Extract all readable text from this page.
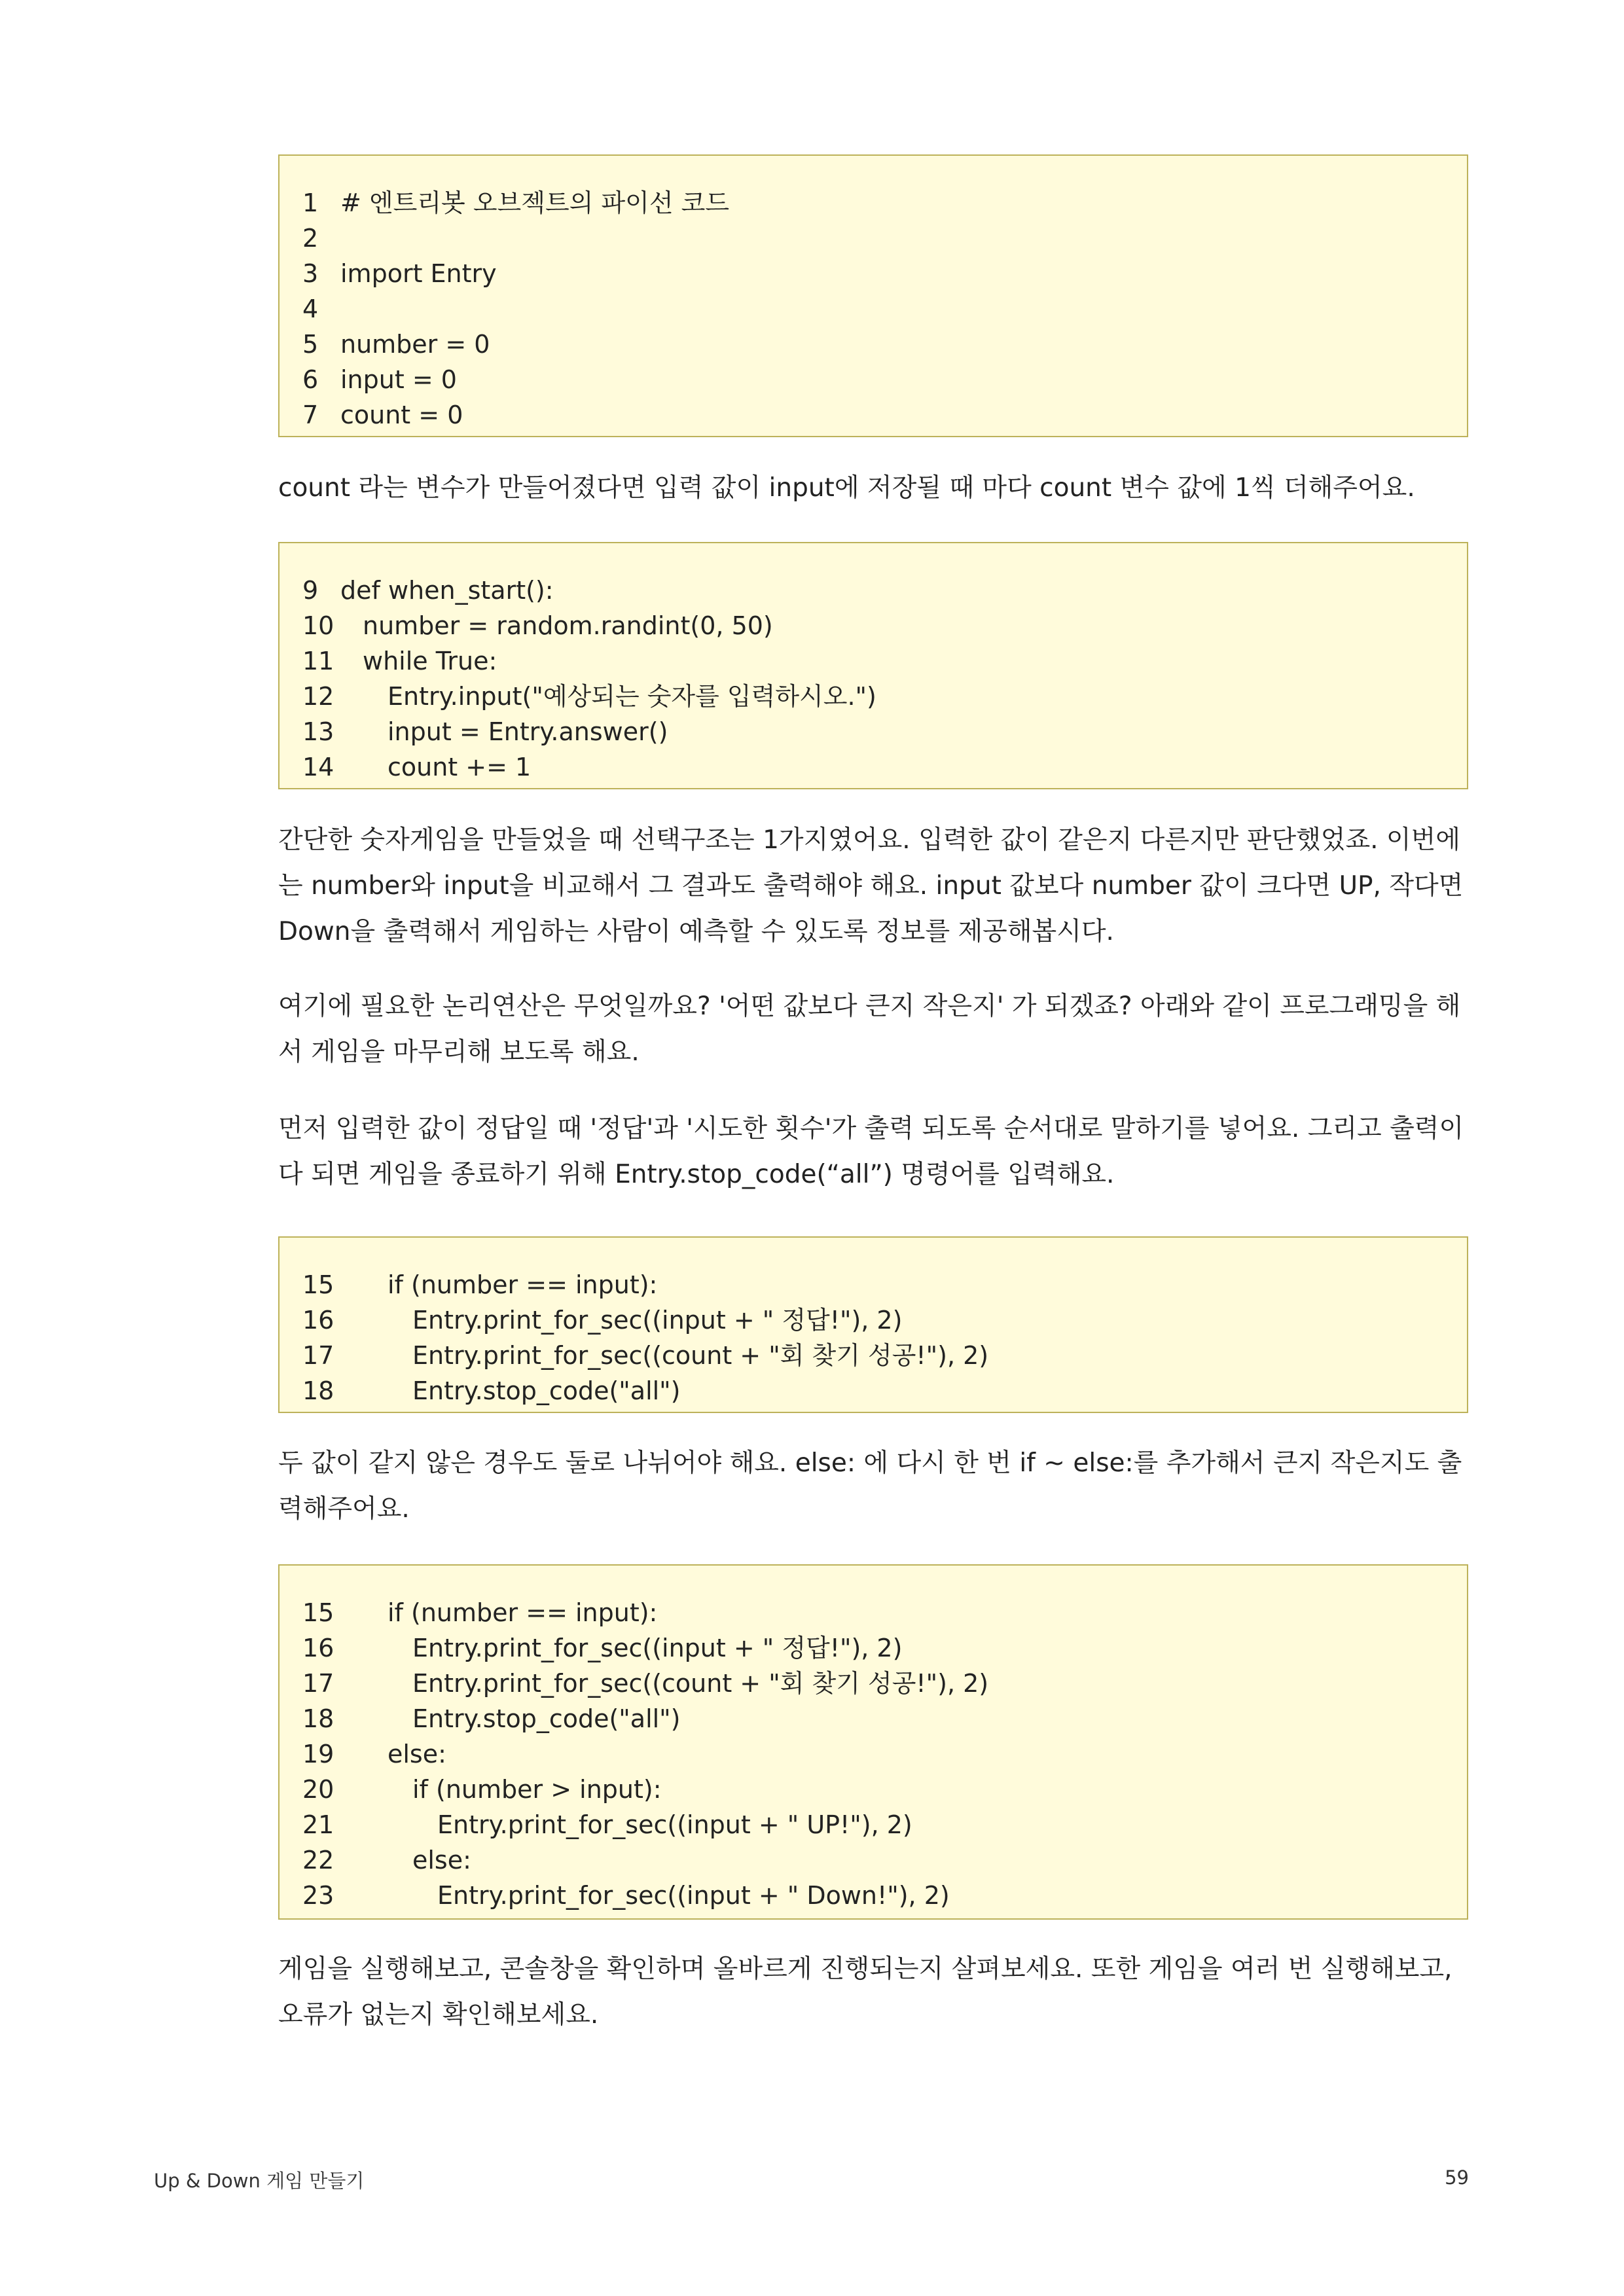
1 # 엔트리봇 오브젝트의 파이선 코드
2
3 import Entry
4
5 number = 0
6 input = 0
7 count = 0

count 라는 변수가 만들어졌다면 입력 값이 input에 저장될 때 마다 count 변수 값에 1씩 더해주어요.

9 def when_start():
10	number = random.randint(0, 50)
11	while True:
12	Entry.input("예상되는 숫자를 입력하시오.")
13	input = Entry.answer()
14	count += 1

간단한 숫자게임을 만들었을 때 선택구조는 1가지였어요. 입력한 값이 같은지 다른지만 판단했었죠. 이번에는 number와 input을 비교해서 그 결과도 출력해야 해요. input 값보다 number 값이 크다면 UP, 작다면 Down을 출력해서 게임하는 사람이 예측할 수 있도록 정보를 제공해봅시다.

여기에 필요한 논리연산은 무엇일까요? '어떤 값보다 큰지 작은지' 가 되겠죠? 아래와 같이 프로그래밍을 해서 게임을 마무리해 보도록 해요.

먼저 입력한 값이 정답일 때 '정답'과 '시도한 횟수'가 출력 되도록 순서대로 말하기를 넣어요. 그리고 출력이 다 되면 게임을 종료하기 위해 Entry.stop_code(“all”) 명령어를 입력해요.

15	if (number == input):
16	Entry.print_for_sec((input + " 정답!"), 2)
17	Entry.print_for_sec((count + "회 찾기 성공!"), 2)
18	Entry.stop_code("all")

두 값이 같지 않은 경우도 둘로 나뉘어야 해요. else: 에 다시 한 번 if ~ else:를 추가해서 큰지 작은지도 출력해주어요.

15	if (number == input):
16	Entry.print_for_sec((input + " 정답!"), 2)
17	Entry.print_for_sec((count + "회 찾기 성공!"), 2)
18	Entry.stop_code("all")
19	else:
20	if (number > input):
21	Entry.print_for_sec((input + " UP!"), 2)
22	else:
23	Entry.print_for_sec((input + " Down!"), 2)

게임을 실행해보고, 콘솔창을 확인하며 올바르게 진행되는지 살펴보세요. 또한 게임을 여러 번 실행해보고, 오류가 없는지 확인해보세요.

Up & Down 게임 만들기	59
